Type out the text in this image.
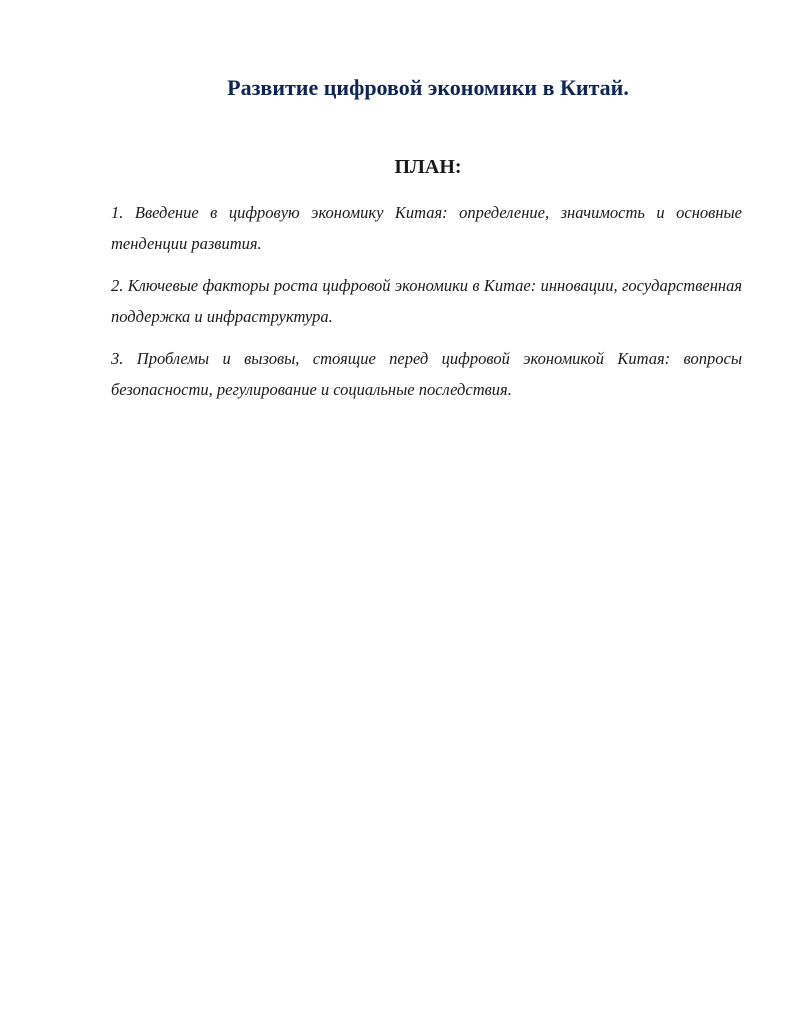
Развитие цифровой экономики в Китай.
ПЛАН:
1. Введение в цифровую экономику Китая: определение, значимость и основные тенденции развития.
2. Ключевые факторы роста цифровой экономики в Китае: инновации, государственная поддержка и инфраструктура.
3. Проблемы и вызовы, стоящие перед цифровой экономикой Китая: вопросы безопасности, регулирование и социальные последствия.
